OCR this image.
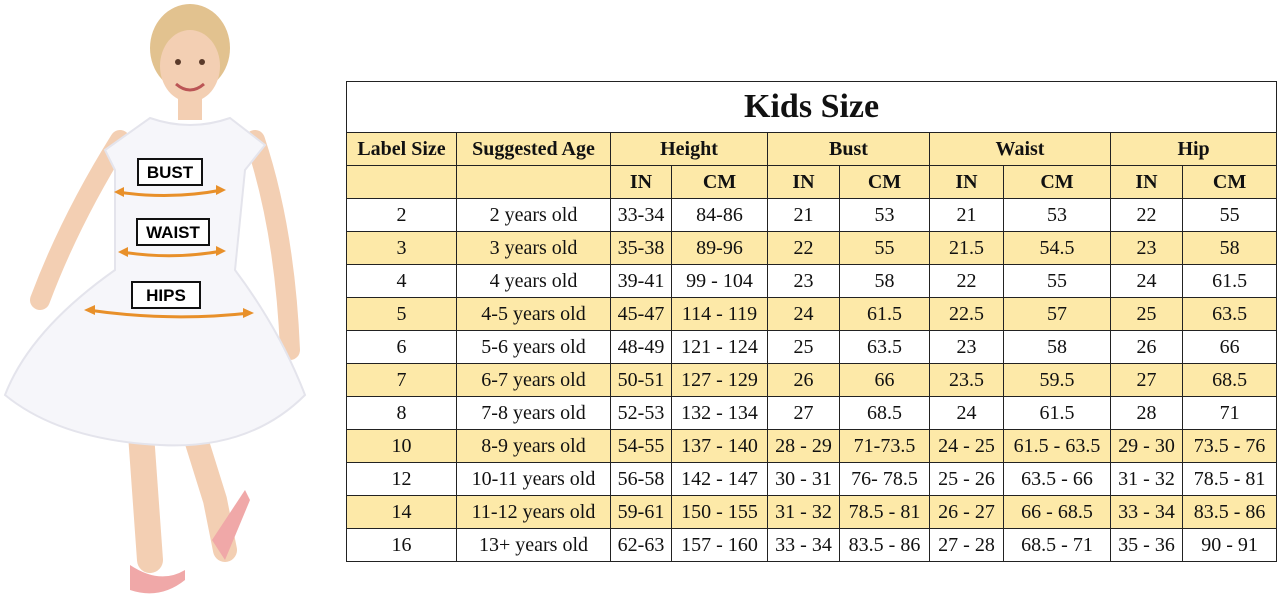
BUST
WAIST
HIPS
Kids Size									
Label Size	Suggested Age	Height		Bust		Waist		Hip	
		IN	CM	IN	CM	IN	CM	IN	CM
2	2 years old	33-34	84-86	21	53	21	53	22	55
3	3 years old	35-38	89-96	22	55	21.5	54.5	23	58
4	4 years old	39-41	99 - 104	23	58	22	55	24	61.5
5	4-5 years old	45-47	114 - 119	24	61.5	22.5	57	25	63.5
6	5-6 years old	48-49	121 - 124	25	63.5	23	58	26	66
7	6-7 years old	50-51	127 - 129	26	66	23.5	59.5	27	68.5
8	7-8 years old	52-53	132 - 134	27	68.5	24	61.5	28	71
10	8-9 years old	54-55	137 - 140	28 - 29	71-73.5	24 - 25	61.5 - 63.5	29 - 30	73.5 - 76
12	10-11 years old	56-58	142 - 147	30 - 31	76- 78.5	25 - 26	63.5 - 66	31 - 32	78.5 - 81
14	11-12 years old	59-61	150 - 155	31 - 32	78.5 - 81	26 - 27	66 - 68.5	33 - 34	83.5 - 86
16	13+ years old	62-63	157 - 160	33 - 34	83.5 - 86	27 - 28	68.5 - 71	35 - 36	90 - 91
